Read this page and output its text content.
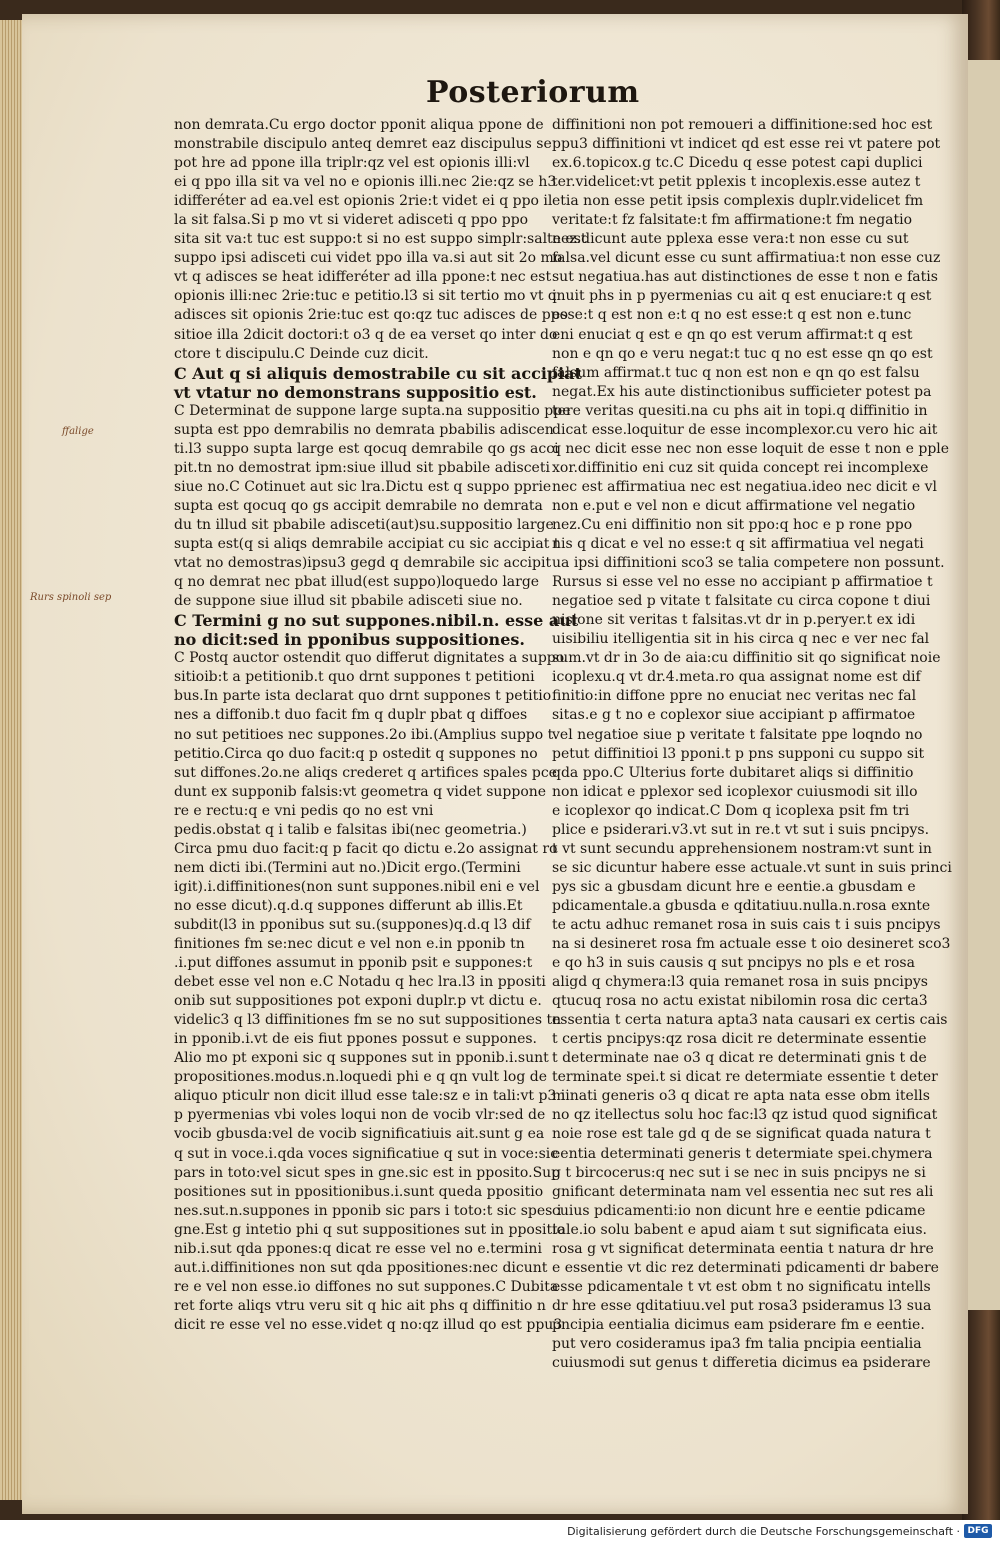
Posteriorum

non demrata.Cu ergo doctor pponit aliqua ppone de

monstrabile discipulo anteq demret eaz discipulus se

pot hre ad ppone illa triplr:qz vel est opionis illi:vl

ei q ppo illa sit va vel no e opionis illi.nec 2ie:qz se h3

idifferéter ad ea.vel est opionis 2rie:t videt ei q ppo il

la sit falsa.Si p mo vt si videret adisceti q ppo ppo

sita sit va:t tuc est suppo:t si no est suppo simplr:salte est

suppo ipsi adisceti cui videt ppo illa va.si aut sit 2o mo

vt q adisces se heat idifferéter ad illa ppone:t nec est

opionis illi:nec 2rie:tuc e petitio.l3 si sit tertio mo vt q

adisces sit opionis 2rie:tuc est qo:qz tuc adisces de ppo

sitioe illa 2dicit doctori:t o3 q de ea verset qo inter do

ctore t discipulu.C Deinde cuz dicit.

C Aut q si aliquis demostrabile cu sit accipiat

vt vtatur no demonstrans suppositio est.

C Determinat de suppone large supta.na suppositio ppe

supta est ppo demrabilis no demrata pbabilis adiscen

ti.l3 suppo supta large est qocuq demrabile qo gs acci

pit.tn no demostrat ipm:siue illud sit pbabile adisceti

siue no.C Cotinuet aut sic lra.Dictu est q suppo pprie

supta est qocuq qo gs accipit demrabile no demrata

du tn illud sit pbabile adisceti(aut)su.suppositio large

supta est(q si aliqs demrabile accipiat cu sic accipiat t

vtat no demostras)ipsu3 gegd q demrabile sic accipit

q no demrat nec pbat illud(est suppo)loquedo large

de suppone siue illud sit pbabile adisceti siue no.

C Termini g no sut suppones.nibil.n. esse aut

no dicit:sed in pponibus suppositiones.

C Postq auctor ostendit quo differut dignitates a suppo

sitioib:t a petitionib.t quo drnt suppones t petitioni

bus.In parte ista declarat quo drnt suppones t petitio

nes a diffonib.t duo facit fm q duplr pbat q diffoes

no sut petitioes nec suppones.2o ibi.(Amplius suppo t

petitio.Circa qo duo facit:q p ostedit q suppones no

sut diffones.2o.ne aliqs crederet q artifices spales pce

dunt ex supponib falsis:vt geometra q videt suppone

re e rectu:q e vni pedis qo no est vni

pedis.obstat q i talib e falsitas ibi(nec geometria.)

Circa pmu duo facit:q p facit qo dictu e.2o assignat ro

nem dicti ibi.(Termini aut no.)Dicit ergo.(Termini

igit).i.diffinitiones(non sunt suppones.nibil eni e vel

no esse dicut).q.d.q suppones differunt ab illis.Et

subdit(l3 in pponibus sut su.(suppones)q.d.q l3 dif

finitiones fm se:nec dicut e vel non e.in pponib tn

.i.put diffones assumut in pponib psit e suppones:t

debet esse vel non e.C Notadu q hec lra.l3 in ppositi

onib sut suppositiones pot exponi duplr.p vt dictu e.

videlic3 q l3 diffinitiones fm se no sut suppositiones tn

in pponib.i.vt de eis fiut ppones possut e suppones.

Alio mo pt exponi sic q suppones sut in pponib.i.sunt

propositiones.modus.n.loquedi phi e q qn vult log de

aliquo pticulr non dicit illud esse tale:sz e in tali:vt p3 i

p pyermenias vbi voles loqui non de vocib vlr:sed de

vocib gbusda:vel de vocib significatiuis ait.sunt g ea

q sut in voce.i.qda voces significatiue q sut in voce:sic

pars in toto:vel sicut spes in gne.sic est in pposito.Sup

positiones sut in ppositionibus.i.sunt queda ppositio

nes.sut.n.suppones in pponib sic pars i toto:t sic spes i

gne.Est g intetio phi q sut suppositiones sut in ppositio

nib.i.sut qda ppones:q dicat re esse vel no e.termini

aut.i.diffinitiones non sut qda ppositiones:nec dicunt

re e vel non esse.io diffones no sut suppones.C Dubita

ret forte aliqs vtru veru sit q hic ait phs q diffinitio n

dicit re esse vel no esse.videt q no:qz illud qo est ppu3

diffinitioni non pot remoueri a diffinitione:sed hoc est

ppu3 diffinitioni vt indicet qd est esse rei vt patere pot

ex.6.topicox.g tc.C Dicedu q esse potest capi duplici

ter.videlicet:vt petit pplexis t incoplexis.esse autez t

etia non esse petit ipsis complexis duplr.videlicet fm

veritate:t fz falsitate:t fm affirmatione:t fm negatio

nez.dicunt aute pplexa esse vera:t non esse cu sut

falsa.vel dicunt esse cu sunt affirmatiua:t non esse cuz

sut negatiua.has aut distinctiones de esse t non e fatis

inuit phs in p pyermenias cu ait q est enuciare:t q est

esse:t q est non e:t q no est esse:t q est non e.tunc

eni enuciat q est e qn qo est verum affirmat:t q est

non e qn qo e veru negat:t tuc q no est esse qn qo est

falsum affirmat.t tuc q non est non e qn qo est falsu

negat.Ex his aute distinctionibus sufficieter potest pa

tere veritas quesiti.na cu phs ait in topi.q diffinitio in

dicat esse.loquitur de esse incomplexor.cu vero hic ait

q nec dicit esse nec non esse loquit de esse t non e pple

xor.diffinitio eni cuz sit quida concept rei incomplexe

nec est affirmatiua nec est negatiua.ideo nec dicit e vl

non e.put e vel non e dicut affirmatione vel negatio

nez.Cu eni diffinitio non sit ppo:q hoc e p rone ppo

nis q dicat e vel no esse:t q sit affirmatiua vel negati

ua ipsi diffinitioni sco3 se talia competere non possunt.

Rursus si esse vel no esse no accipiant p affirmatioe t

negatioe sed p vitate t falsitate cu circa copone t diui

nisione sit veritas t falsitas.vt dr in p.peryer.t ex idi

uisibiliu itelligentia sit in his circa q nec e ver nec fal

sum.vt dr in 3o de aia:cu diffinitio sit qo significat noie

icoplexu.q vt dr.4.meta.ro qua assignat nome est dif

finitio:in diffone ppre no enuciat nec veritas nec fal

sitas.e g t no e coplexor siue accipiant p affirmatoe

vel negatioe siue p veritate t falsitate ppe loqndo no

petut diffinitioi l3 pponi.t p pns supponi cu suppo sit

qda ppo.C Ulterius forte dubitaret aliqs si diffinitio

non idicat e pplexor sed icoplexor cuiusmodi sit illo

e icoplexor qo indicat.C Dom q icoplexa psit fm tri

plice e psiderari.v3.vt sut in re.t vt sut i suis pncipys.

t vt sunt secundu apprehensionem nostram:vt sunt in

se sic dicuntur habere esse actuale.vt sunt in suis princi

pys sic a gbusdam dicunt hre e eentie.a gbusdam e

pdicamentale.a gbusda e qditatiuu.nulla.n.rosa exnte

te actu adhuc remanet rosa in suis cais t i suis pncipys

na si desineret rosa fm actuale esse t oio desineret sco3

e qo h3 in suis causis q sut pncipys no pls e et rosa

aligd q chymera:l3 quia remanet rosa in suis pncipys

qtucuq rosa no actu existat nibilomin rosa dic certa3

essentia t certa natura apta3 nata causari ex certis cais

t certis pncipys:qz rosa dicit re determinate essentie

t determinate nae o3 q dicat re determinati gnis t de

terminate spei.t si dicat re determiate essentie t deter

minati generis o3 q dicat re apta nata esse obm itells

no qz itellectus solu hoc fac:l3 qz istud quod significat

noie rose est tale gd q de se significat quada natura t

eentia determinati generis t determiate spei.chymera

g t bircocerus:q nec sut i se nec in suis pncipys ne si

gnificant determinata nam vel essentia nec sut res ali

cuius pdicamenti:io non dicunt hre e eentie pdicame

tale.io solu babent e apud aiam t sut significata eius.

rosa g vt significat determinata eentia t natura dr hre

e essentie vt dic rez determinati pdicamenti dr babere

esse pdicamentale t vt est obm t no significatu intells

dr hre esse qditatiuu.vel put rosa3 psideramus l3 sua

pncipia eentialia dicimus eam psiderare fm e eentie.

put vero cosideramus ipa3 fm talia pncipia eentialia

cuiusmodi sut genus t differetia dicimus ea psiderare

ffalige
Rurs spinoli sep
Digitalisierung gefördert durch die Deutsche Forschungsgemeinschaft · DFG
